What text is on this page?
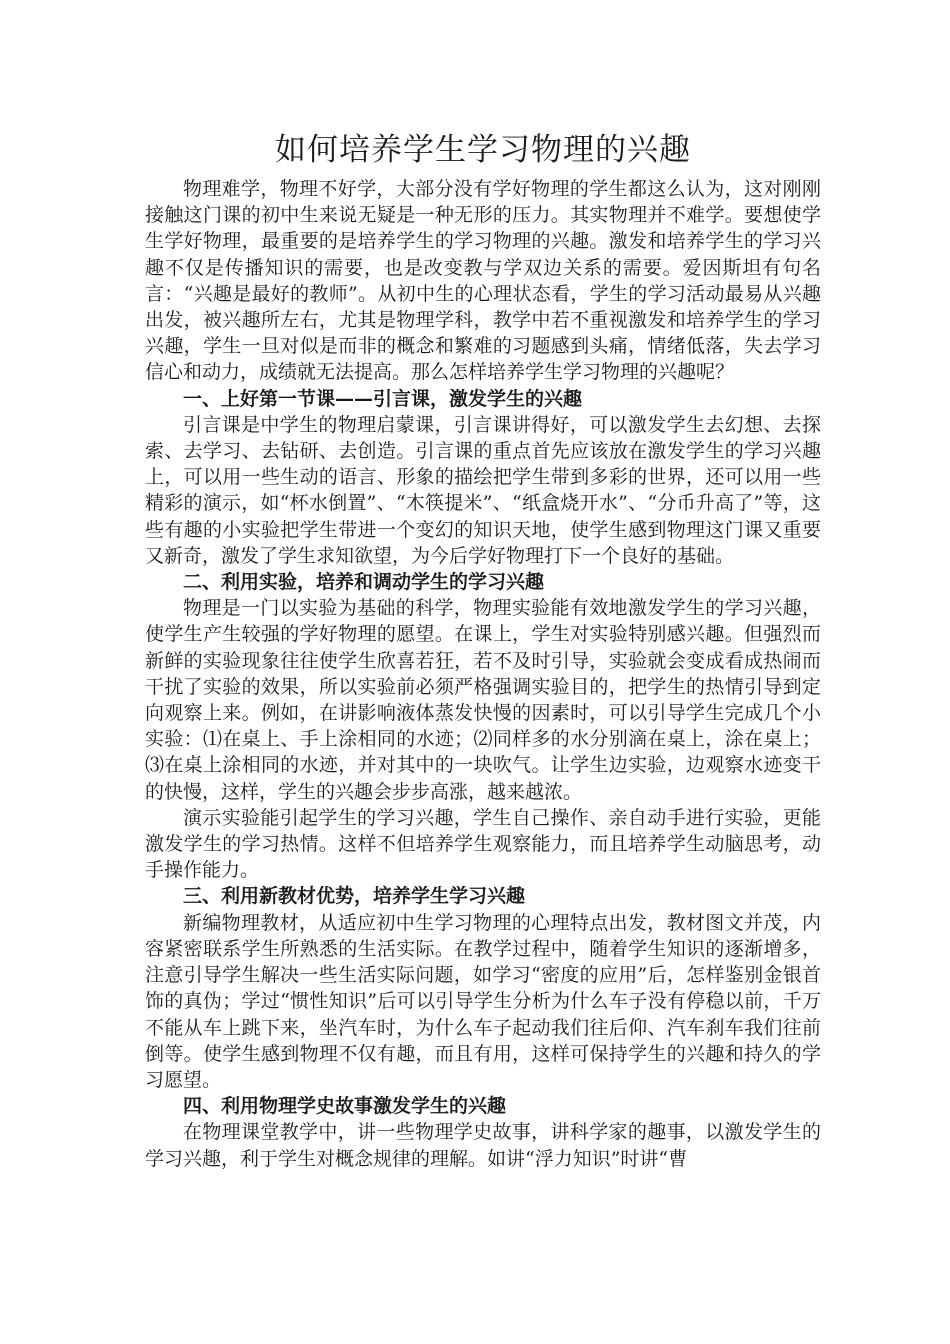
如何培养学生学习物理的兴趣

物理难学，物理不好学，大部分没有学好物理的学生都这么认为，这对刚刚接触这门课的初中生来说无疑是一种无形的压力。其实物理并不难学。要想使学生学好物理，最重要的是培养学生的学习物理的兴趣。激发和培养学生的学习兴趣不仅是传播知识的需要，也是改变教与学双边关系的需要。爱因斯坦有句名言：“兴趣是最好的教师”。从初中生的心理状态看，学生的学习活动最易从兴趣出发，被兴趣所左右，尤其是物理学科，教学中若不重视激发和培养学生的学习兴趣，学生一旦对似是而非的概念和繁难的习题感到头痛，情绪低落，失去学习信心和动力，成绩就无法提高。那么怎样培养学生学习物理的兴趣呢？

一、上好第一节课——引言课，激发学生的兴趣

引言课是中学生的物理启蒙课，引言课讲得好，可以激发学生去幻想、去探索、去学习、去钻研、去创造。引言课的重点首先应该放在激发学生的学习兴趣上，可以用一些生动的语言、形象的描绘把学生带到多彩的世界，还可以用一些精彩的演示，如“杯水倒置”、“木筷提米”、“纸盒烧开水”、“分币升高了”等，这些有趣的小实验把学生带进一个变幻的知识天地，使学生感到物理这门课又重要又新奇，激发了学生求知欲望，为今后学好物理打下一个良好的基础。

二、利用实验，培养和调动学生的学习兴趣

物理是一门以实验为基础的科学，物理实验能有效地激发学生的学习兴趣，使学生产生较强的学好物理的愿望。在课上，学生对实验特别感兴趣。但强烈而新鲜的实验现象往往使学生欣喜若狂，若不及时引导，实验就会变成看成热闹而干扰了实验的效果，所以实验前必须严格强调实验目的，把学生的热情引导到定向观察上来。例如，在讲影响液体蒸发快慢的因素时，可以引导学生完成几个小实验：⑴在桌上、手上涂相同的水迹；⑵同样多的水分别滴在桌上，涂在桌上；⑶在桌上涂相同的水迹，并对其中的一块吹气。让学生边实验，边观察水迹变干的快慢，这样，学生的兴趣会步步高涨，越来越浓。

演示实验能引起学生的学习兴趣，学生自己操作、亲自动手进行实验，更能激发学生的学习热情。这样不但培养学生观察能力，而且培养学生动脑思考，动手操作能力。

三、利用新教材优势，培养学生学习兴趣

新编物理教材，从适应初中生学习物理的心理特点出发，教材图文并茂，内容紧密联系学生所熟悉的生活实际。在教学过程中，随着学生知识的逐渐增多，注意引导学生解决一些生活实际问题，如学习“密度的应用”后，怎样鉴别金银首饰的真伪；学过“惯性知识”后可以引导学生分析为什么车子没有停稳以前，千万不能从车上跳下来，坐汽车时，为什么车子起动我们往后仰、汽车刹车我们往前倒等。使学生感到物理不仅有趣，而且有用，这样可保持学生的兴趣和持久的学习愿望。

四、利用物理学史故事激发学生的兴趣

在物理课堂教学中，讲一些物理学史故事，讲科学家的趣事，以激发学生的学习兴趣，利于学生对概念规律的理解。如讲“浮力知识”时讲“曹
